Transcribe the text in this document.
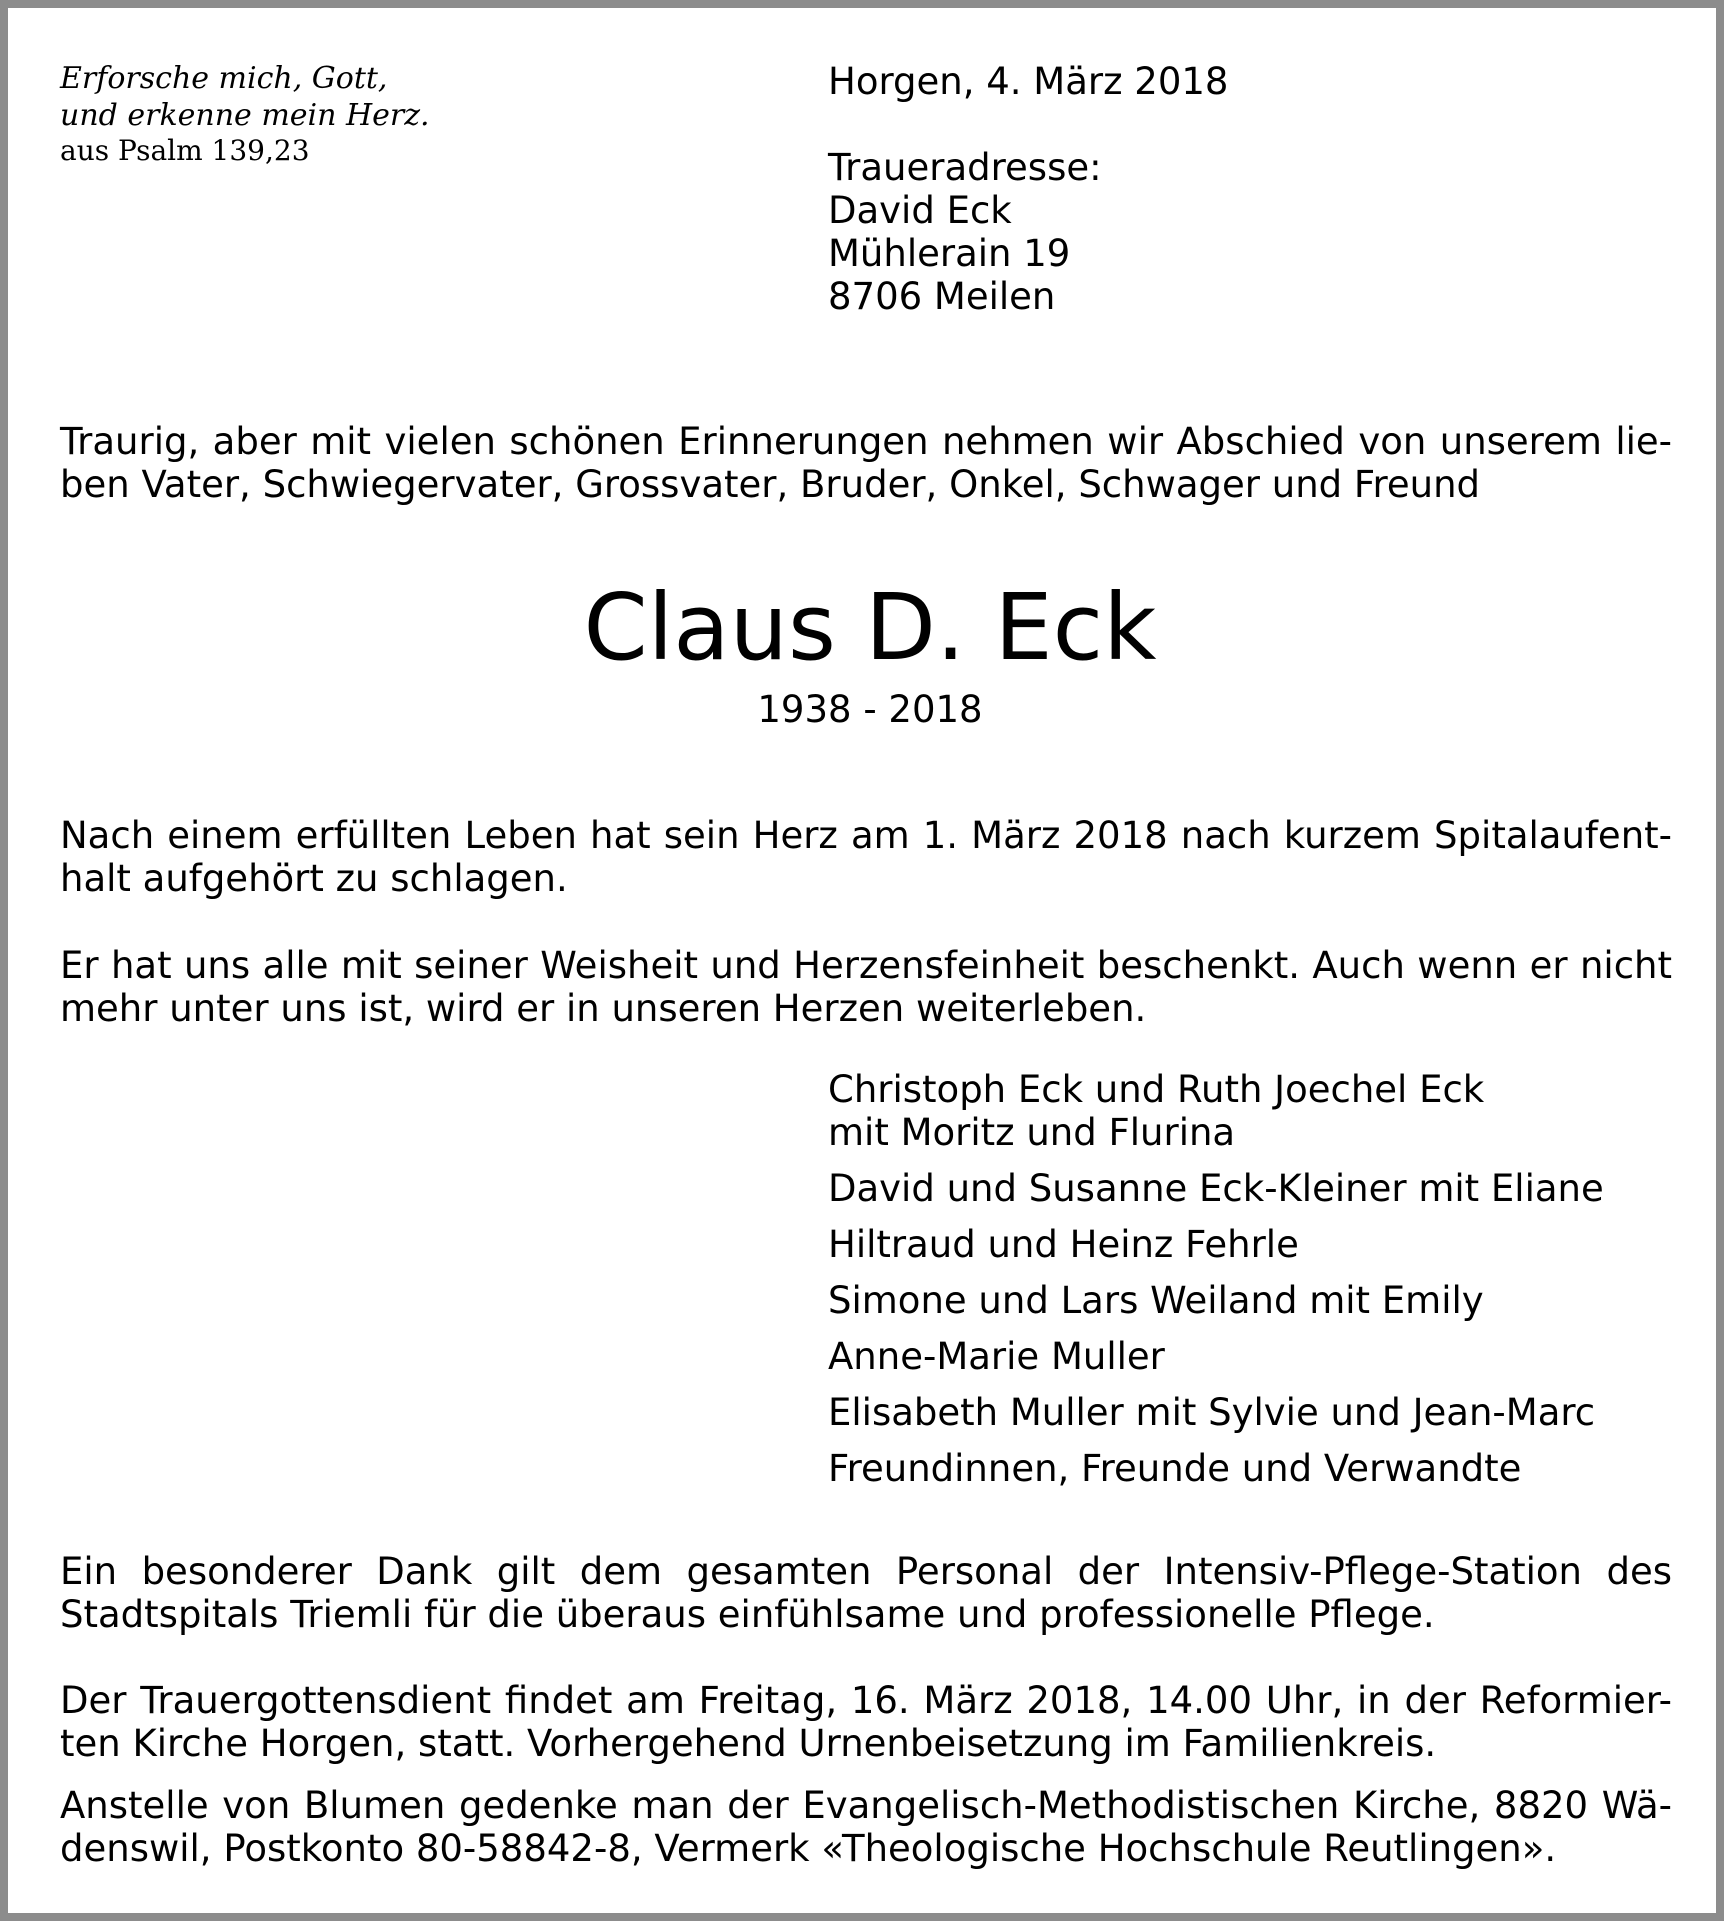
Erforsche mich, Gott,
und erkenne mein Herz.
aus Psalm 139,23
Horgen, 4. März 2018
Traueradresse:
David Eck
Mühlerain 19
8706 Meilen
Traurig, aber mit vielen schönen Erinnerungen nehmen wir Abschied von unserem lie-
ben Vater, Schwiegervater, Grossvater, Bruder, Onkel, Schwager und Freund
Claus D. Eck
1938 - 2018
Nach einem erfüllten Leben hat sein Herz am 1. März 2018 nach kurzem Spitalaufent-
halt aufgehört zu schlagen.
Er hat uns alle mit seiner Weisheit und Herzensfeinheit beschenkt. Auch wenn er nicht
mehr unter uns ist, wird er in unseren Herzen weiterleben.
Christoph Eck und Ruth Joechel Eck
mit Moritz und Flurina
David und Susanne Eck-Kleiner mit Eliane
Hiltraud und Heinz Fehrle
Simone und Lars Weiland mit Emily
Anne-Marie Muller
Elisabeth Muller mit Sylvie und Jean-Marc
Freundinnen, Freunde und Verwandte
Ein besonderer Dank gilt dem gesamten Personal der Intensiv-Pflege-Station des
Stadtspitals Triemli für die überaus einfühlsame und professionelle Pflege.
Der Trauergottensdient findet am Freitag, 16. März 2018, 14.00 Uhr, in der Reformier-
ten Kirche Horgen, statt. Vorhergehend Urnenbeisetzung im Familienkreis.
Anstelle von Blumen gedenke man der Evangelisch-Methodistischen Kirche, 8820 Wä-
denswil, Postkonto 80-58842-8, Vermerk «Theologische Hochschule Reutlingen».
